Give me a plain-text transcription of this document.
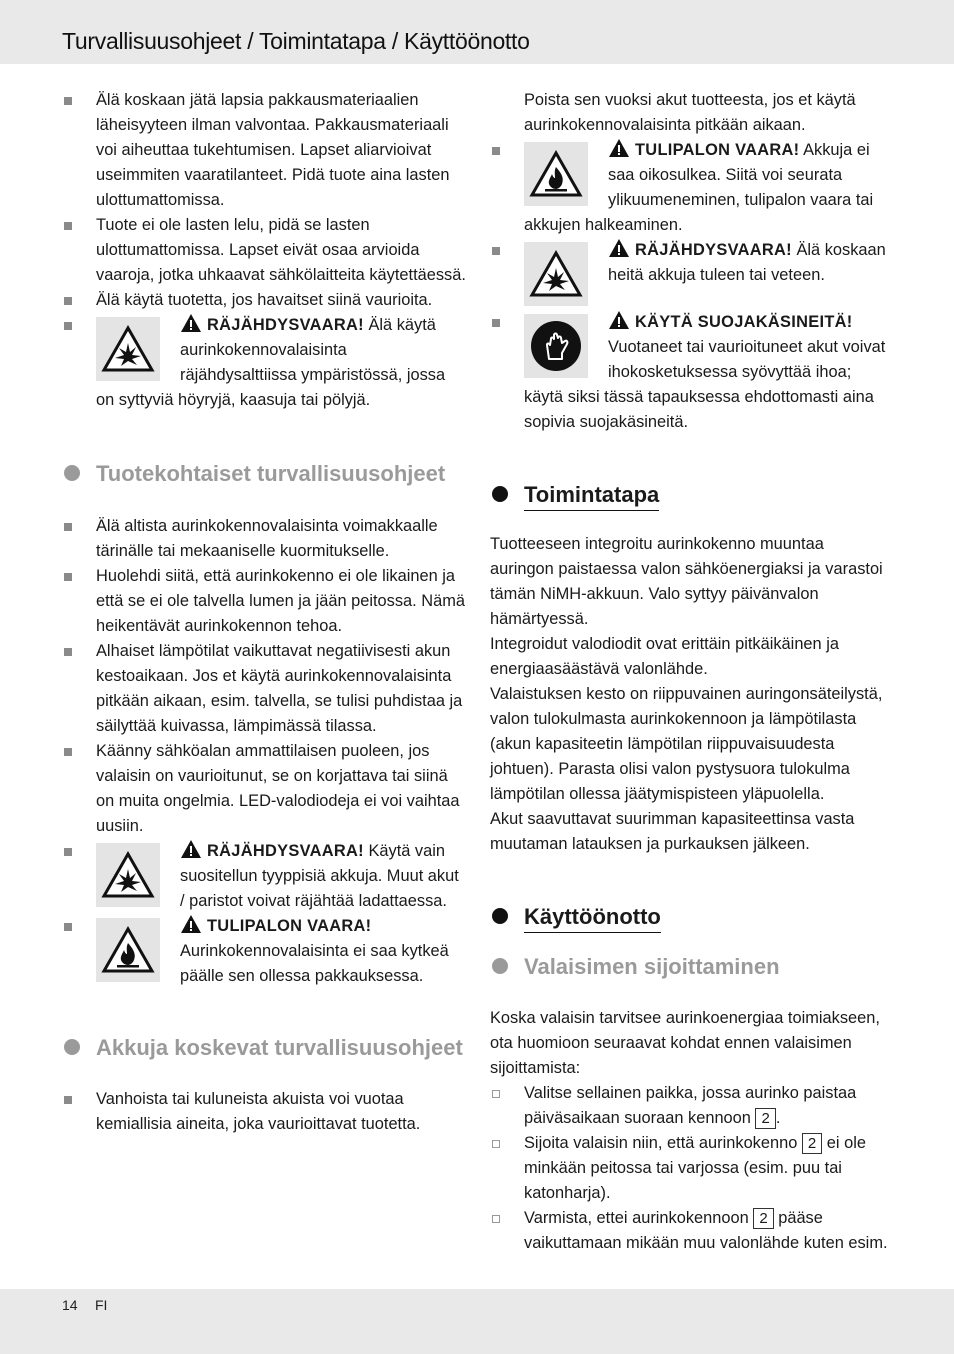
Turvallisuusohjeet / Toimintatapa / Käyttöönotto
Älä koskaan jätä lapsia pakkausmateriaalien läheisyyteen ilman valvontaa. Pakkausmateriaali voi aiheuttaa tukehtumisen. Lapset aliarvioivat useimmiten vaaratilanteet. Pidä tuote aina lasten ulottumattomissa.
Tuote ei ole lasten lelu, pidä se lasten ulottumattomissa. Lapset eivät osaa arvioida vaaroja, jotka uhkaavat sähkölaitteita käytettäessä.
Älä käytä tuotetta, jos havaitset siinä vaurioita.
RÄJÄHDYSVAARA! Älä käytä aurinkokennovalaisinta räjähdysalttiissa ympäristössä, jossa on syttyviä höyryjä, kaasuja tai pölyjä.
Tuotekohtaiset turvallisuusohjeet
Älä altista aurinkokennovalaisinta voimakkaalle tärinälle tai mekaaniselle kuormitukselle.
Huolehdi siitä, että aurinkokenno ei ole likainen ja että se ei ole talvella lumen ja jään peitossa. Nämä heikentävät aurinkokennon tehoa.
Alhaiset lämpötilat vaikuttavat negatiivisesti akun kestoaikaan. Jos et käytä aurinkokennovalaisinta pitkään aikaan, esim. talvella, se tulisi puhdistaa ja säilyttää kuivassa, lämpimässä tilassa.
Käänny sähköalan ammattilaisen puoleen, jos valaisin on vaurioitunut, se on korjattava tai siinä on muita ongelmia. LED-valodiodeja ei voi vaihtaa uusiin.
RÄJÄHDYSVAARA! Käytä vain suositellun tyyppisiä akkuja. Muut akut / paristot voivat räjähtää ladattaessa.
TULIPALON VAARA! Aurinkokennovalaisinta ei saa kytkeä päälle sen ollessa pakkauksessa.
Akkuja koskevat turvallisuusohjeet
Vanhoista tai kuluneista akuista voi vuotaa kemiallisia aineita, joka vaurioittavat tuotetta.
Poista sen vuoksi akut tuotteesta, jos et käytä aurinkokennovalaisinta pitkään aikaan.
TULIPALON VAARA! Akkuja ei saa oikosulkea. Siitä voi seurata ylikuumeneminen, tulipalon vaara tai akkujen halkeaminen.
RÄJÄHDYSVAARA! Älä koskaan heitä akkuja tuleen tai veteen.
KÄYTÄ SUOJAKÄSINEITÄ! Vuotaneet tai vaurioituneet akut voivat ihokosketuksessa syövyttää ihoa; käytä siksi tässä tapauksessa ehdottomasti aina sopivia suojakäsineitä.
Toimintatapa
Tuotteeseen integroitu aurinkokenno muuntaa auringon paistaessa valon sähköenergiaksi ja varastoi tämän NiMH-akkuun. Valo syttyy päivänvalon hämärtyessä.
Integroidut valodiodit ovat erittäin pitkäikäinen ja energiaasäästävä valonlähde.
Valaistuksen kesto on riippuvainen auringonsäteilystä, valon tulokulmasta aurinkokennoon ja lämpötilasta (akun kapasiteetin lämpötilan riippuvaisuudesta johtuen). Parasta olisi valon pystysuora tulokulma lämpötilan ollessa jäätymispisteen yläpuolella.
Akut saavuttavat suurimman kapasiteettinsa vasta muutaman latauksen ja purkauksen jälkeen.
Käyttöönotto
Valaisimen sijoittaminen
Koska valaisin tarvitsee aurinkoenergiaa toimiakseen, ota huomioon seuraavat kohdat ennen valaisimen sijoittamista:
Valitse sellainen paikka, jossa aurinko paistaa päiväsaikaan suoraan kennoon 2 .
Sijoita valaisin niin, että aurinkokenno 2 ei ole minkään peitossa tai varjossa (esim. puu tai katonharja).
Varmista, ettei aurinkokennoon 2 pääse vaikuttamaan mikään muu valonlähde kuten esim.
14 FI
